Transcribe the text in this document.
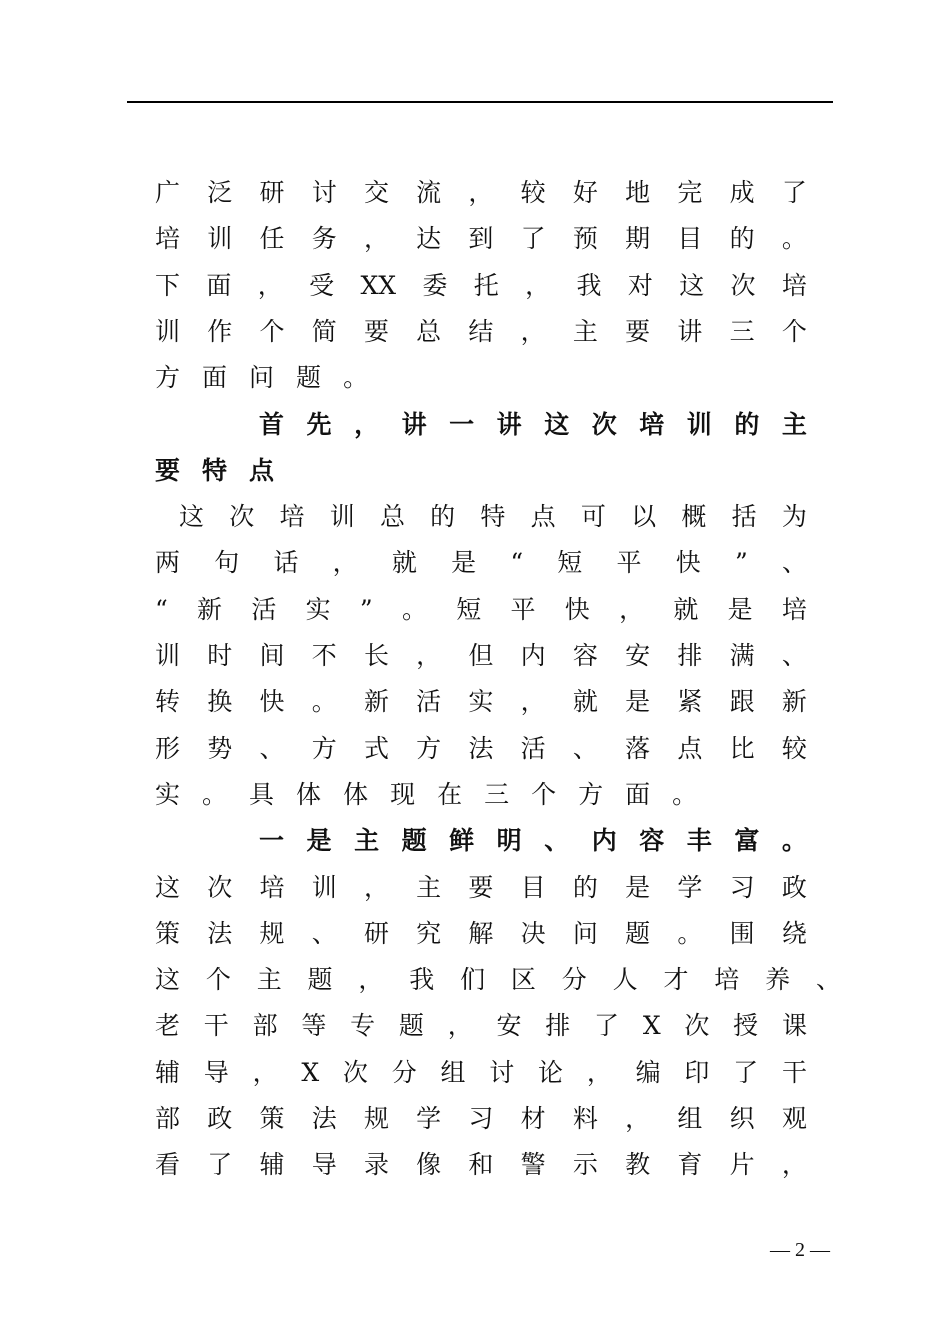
广 泛 研 讨 交 流 ， 较 好 地 完 成 了
培 训 任 务 ， 达 到 了 预 期 目 的 。
下 面 ， 受 XX 委 托 ， 我 对 这 次 培
训 作 个 简 要 总 结 ， 主 要 讲 三 个
方 面 问 题 。
首 先 ， 讲 一 讲 这 次 培 训 的 主
要 特 点
这 次 培 训 总 的 特 点 可 以 概 括 为
两 句 话 ， 就 是 “ 短 平 快 ” 、
“ 新 活 实 ” 。 短 平 快 ， 就 是 培
训 时 间 不 长 ， 但 内 容 安 排 满 、
转 换 快 。 新 活 实 ， 就 是 紧 跟 新
形 势 、 方 式 方 法 活 、 落 点 比 较
实 。 具 体 体 现 在 三 个 方 面 。
一 是 主 题 鲜 明 、 内 容 丰 富 。
这 次 培 训 ， 主 要 目 的 是 学 习 政
策 法 规 、 研 究 解 决 问 题 。 围 绕
这 个 主 题 ， 我 们 区 分 人 才 培 养 、
老 干 部 等 专 题 ， 安 排 了 X 次 授 课
辅 导 ， X 次 分 组 讨 论 ， 编 印 了 干
部 政 策 法 规 学 习 材 料 ， 组 织 观
看 了 辅 导 录 像 和 警 示 教 育 片 ，
— 2 —
